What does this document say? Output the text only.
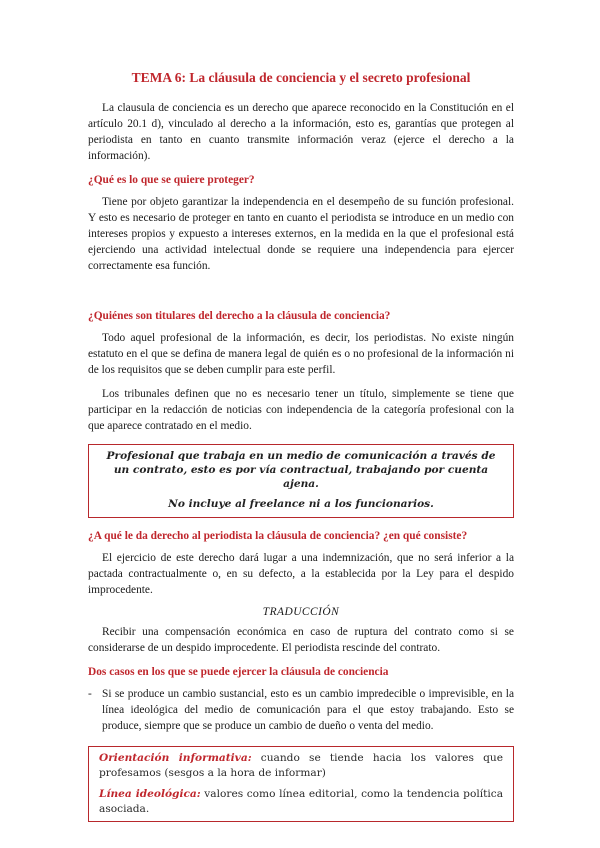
TEMA 6: La cláusula de conciencia y el secreto profesional

La clausula de conciencia es un derecho que aparece reconocido en la Constitución en el artículo 20.1 d), vinculado al derecho a la información, esto es, garantías que protegen al periodista en tanto en cuanto transmite información veraz (ejerce el derecho a la información).

¿Qué es lo que se quiere proteger?

Tiene por objeto garantizar la independencia en el desempeño de su función profesional. Y esto es necesario de proteger en tanto en cuanto el periodista se introduce en un medio con intereses propios y expuesto a intereses externos, en la medida en la que el profesional está ejerciendo una actividad intelectual donde se requiere una independencia para ejercer correctamente esa función.

¿Quiénes son titulares del derecho a la cláusula de conciencia?

Todo aquel profesional de la información, es decir, los periodistas. No existe ningún estatuto en el que se defina de manera legal de quién es o no profesional de la información ni de los requisitos que se deben cumplir para este perfil.

Los tribunales definen que no es necesario tener un título, simplemente se tiene que participar en la redacción de noticias con independencia de la categoría profesional con la que aparece contratado en el medio.

Profesional que trabaja en un medio de comunicación a través de un contrato, esto es por vía contractual, trabajando por cuenta ajena.
No incluye al freelance ni a los funcionarios.
¿A qué le da derecho al periodista la cláusula de conciencia? ¿en qué consiste?

El ejercicio de este derecho dará lugar a una indemnización, que no será inferior a la pactada contractualmente o, en su defecto, a la establecida por la Ley para el despido improcedente.

TRADUCCIÓN

Recibir una compensación económica en caso de ruptura del contrato como si se considerarse de un despido improcedente. El periodista rescinde del contrato.

Dos casos en los que se puede ejercer la cláusula de conciencia
- Si se produce un cambio sustancial, esto es un cambio impredecible o imprevisible, en la línea ideológica del medio de comunicación para el que estoy trabajando. Esto se produce, siempre que se produce un cambio de dueño o venta del medio.
Orientación informativa: cuando se tiende hacia los valores que profesamos (sesgos a la hora de informar)
Línea ideológica: valores como línea editorial, como la tendencia política asociada.
